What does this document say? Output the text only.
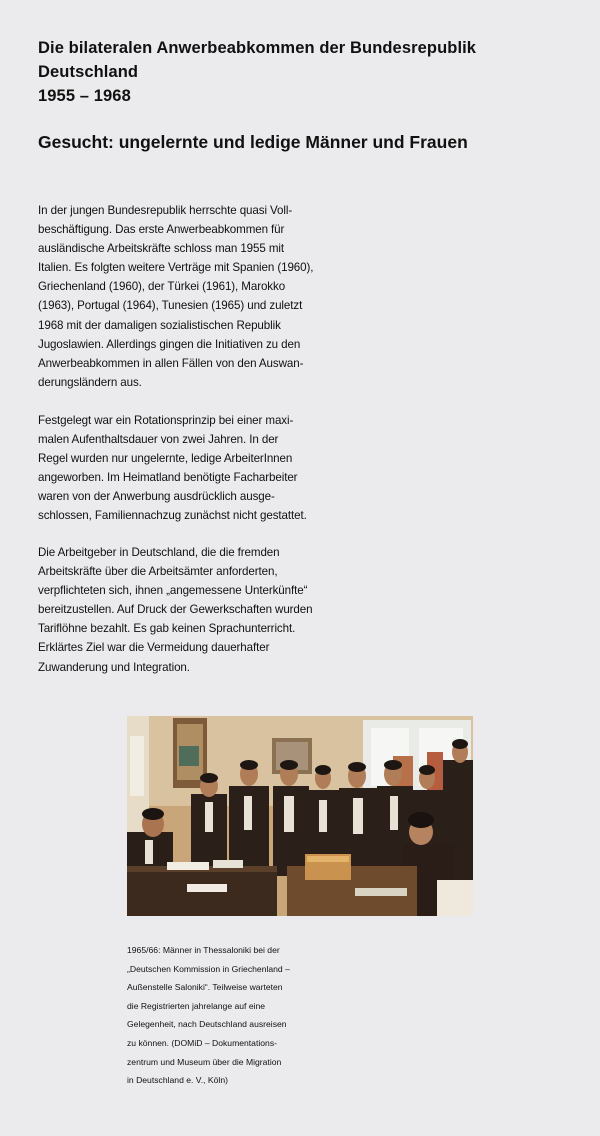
Die bilateralen Anwerbeabkommen der Bundesrepublik Deutschland
1955 – 1968
Gesucht: ungelernte und ledige Männer und Frauen

In der jungen Bundesrepublik herrschte quasi Voll-
beschäftigung. Das erste Anwerbeabkommen für
ausländische Arbeitskräfte schloss man 1955 mit
Italien. Es folgten weitere Verträge mit Spanien (1960),
Griechenland (1960), der Türkei (1961), Marokko
(1963), Portugal (1964), Tunesien (1965) und zuletzt
1968 mit der damaligen sozialistischen Republik
Jugoslawien. Allerdings gingen die Initiativen zu den
Anwerbeabkommen in allen Fällen von den Auswan-
derungsländern aus.

Festgelegt war ein Rotationsprinzip bei einer maxi-
malen Aufenthaltsdauer von zwei Jahren. In der
Regel wurden nur ungelernte, ledige ArbeiterInnen
angeworben. Im Heimatland benötigte Facharbeiter
waren von der Anwerbung ausdrücklich ausge-
schlossen, Familiennachzug zunächst nicht gestattet.

Die Arbeitgeber in Deutschland, die die fremden
Arbeitskräfte über die Arbeitsämter anforderten,
verpflichteten sich, ihnen „angemessene Unterkünfte“
bereitzustellen. Auf Druck der Gewerkschaften wurden
Tariflöhne bezahlt. Es gab keinen Sprachunterricht.
Erklärtes Ziel war die Vermeidung dauerhafter
Zuwanderung und Integration.

1965/66: Männer in Thessaloniki bei der
„Deutschen Kommission in Griechenland –
Außenstelle Saloniki“. Teilweise warteten
die Registrierten jahrelange auf eine
Gelegenheit, nach Deutschland ausreisen
zu können. (DOMiD – Dokumentations-
zentrum und Museum über die Migration
in Deutschland e. V., Köln)
